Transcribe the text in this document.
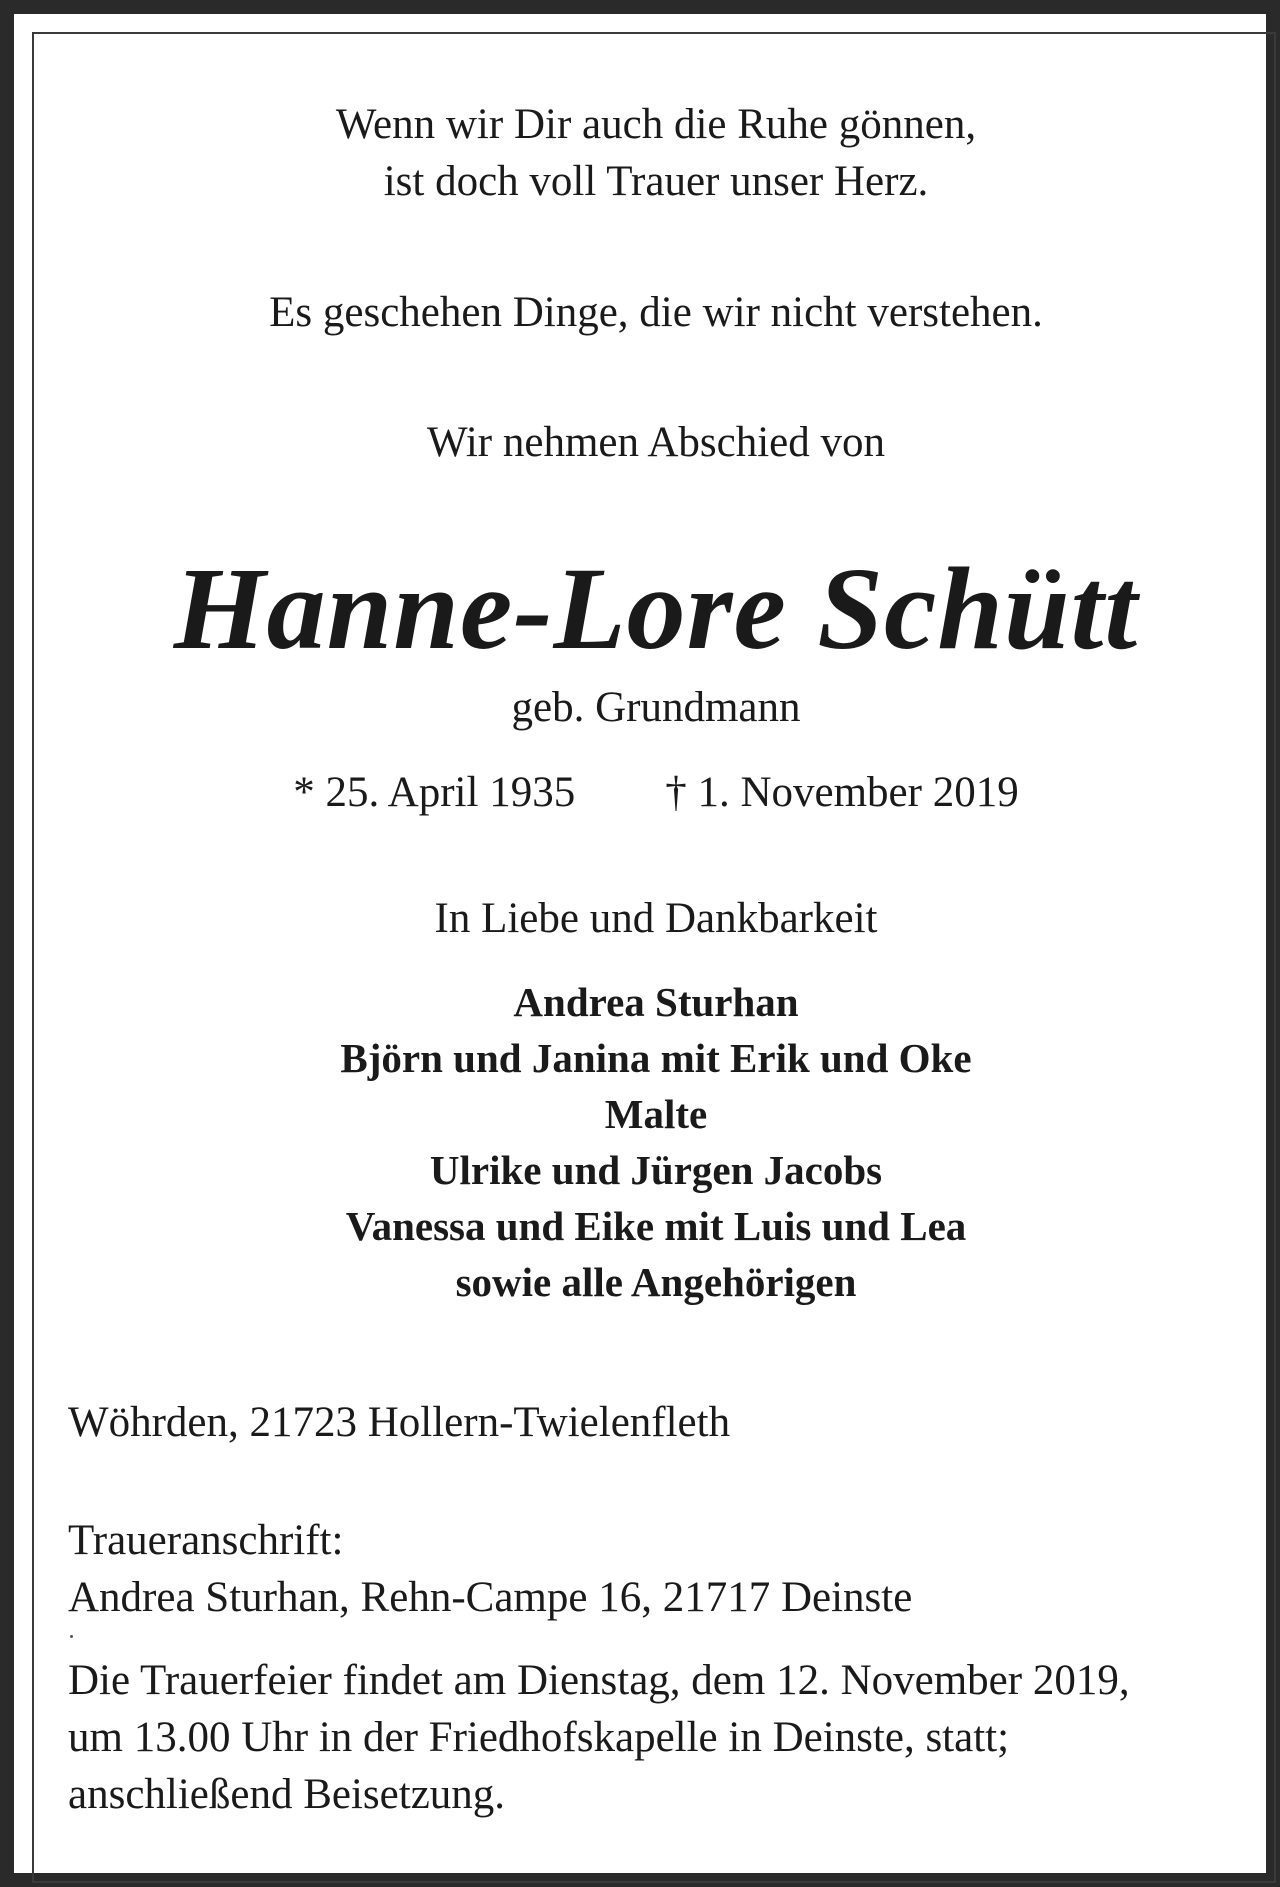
Wenn wir Dir auch die Ruhe gönnen,
ist doch voll Trauer unser Herz.
Es geschehen Dinge, die wir nicht verstehen.
Wir nehmen Abschied von
Hanne-Lore Schütt
geb. Grundmann
* 25. April 1935 † 1. November 2019
In Liebe und Dankbarkeit
Andrea Sturhan
Björn und Janina mit Erik und Oke
Malte
Ulrike und Jürgen Jacobs
Vanessa und Eike mit Luis und Lea
sowie alle Angehörigen
Wöhrden, 21723 Hollern-Twielenfleth
Traueranschrift:
Andrea Sturhan, Rehn-Campe 16, 21717 Deinste
Die Trauerfeier findet am Dienstag, dem 12. November 2019,
um 13.00 Uhr in der Friedhofskapelle in Deinste, statt;
anschließend Beisetzung.
